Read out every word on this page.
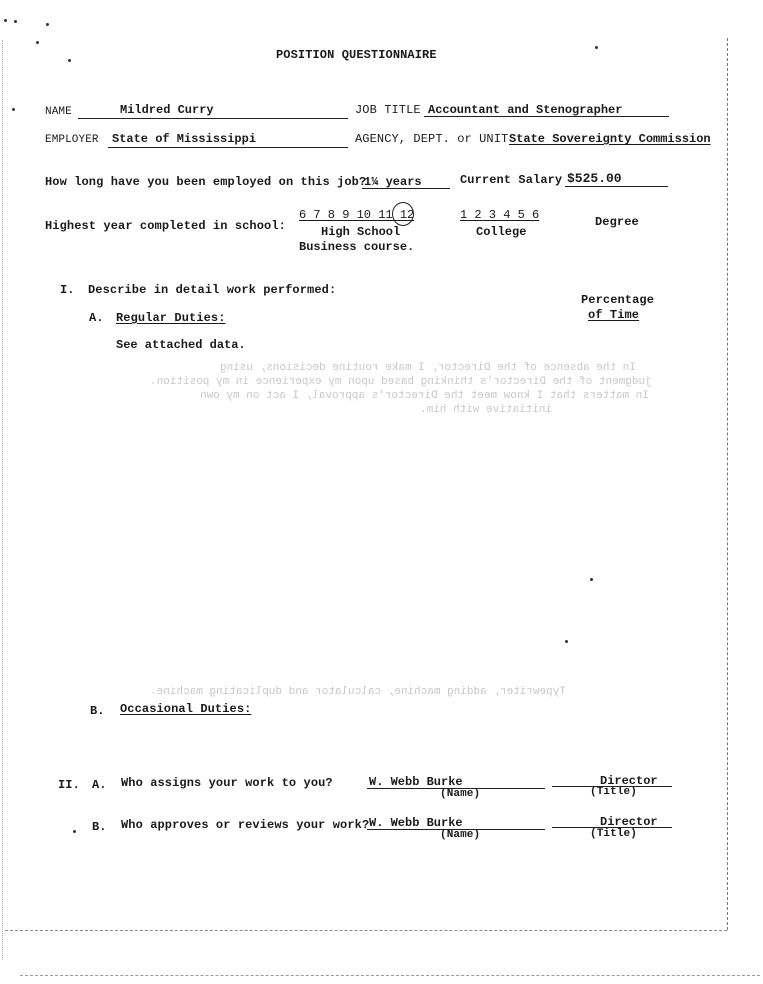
POSITION QUESTIONNAIRE
NAME	Mildred Curry	JOB TITLE Accountant and Stenographer
EMPLOYER State of Mississippi	AGENCY, DEPT. or UNIT State Sovereignty Commission
How long have you been employed on this job?
1¼ years	Current Salary $525.00
Highest year completed in school:
6 7 8 9 10 11 12
High School
1 2 3 4 5 6
College
Degree
Business course.
In the absence of the Director, I make routine decisions, using
judgment of the Director's thinking based upon my experience in my position.
In matters that I know meet the Director's approval, I act on my own
initiative with him.
Typewriter, adding machine, calculator and duplicating machine.
I. Describe in detail work performed:
Percentage
of Time
A. Regular Duties:
See attached data.
B. Occasional Duties:
II. A. Who assigns your work to you?	W. Webb Burke
(Name)
Director
(Title)
B. Who approves or reviews your work? W. Webb Burke
(Name)
Director
(Title)
